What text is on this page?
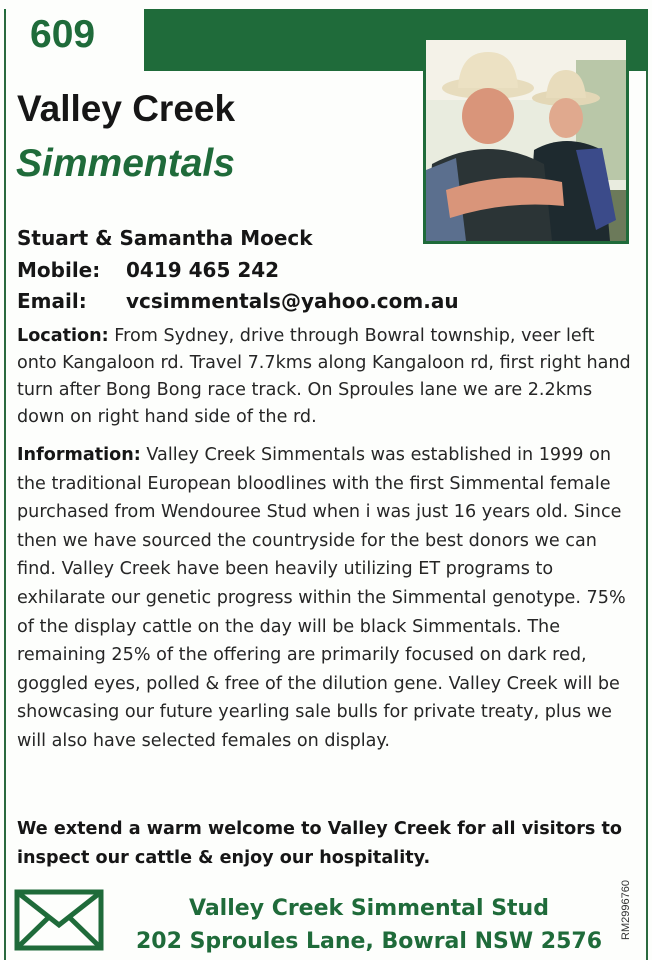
609
Valley Creek
Simmentals
Stuart & Samantha Moeck
Mobile: 0419 465 242
Email: vcsimmentals@yahoo.com.au
Location: From Sydney, drive through Bowral township, veer left onto Kangaloon rd. Travel 7.7kms along Kangaloon rd, first right hand turn after Bong Bong race track. On Sproules lane we are 2.2kms down on right hand side of the rd.
Information: Valley Creek Simmentals was established in 1999 on the traditional European bloodlines with the first Simmental female purchased from Wendouree Stud when i was just 16 years old. Since then we have sourced the countryside for the best donors we can find. Valley Creek have been heavily utilizing ET programs to exhilarate our genetic progress within the Simmental genotype. 75% of the display cattle on the day will be black Simmentals. The remaining 25% of the offering are primarily focused on dark red, goggled eyes, polled & free of the dilution gene. Valley Creek will be showcasing our future yearling sale bulls for private treaty, plus we will also have selected females on display.
We extend a warm welcome to Valley Creek for all visitors to inspect our cattle & enjoy our hospitality.
Valley Creek Simmental Stud
202 Sproules Lane, Bowral NSW 2576
RM2996760
